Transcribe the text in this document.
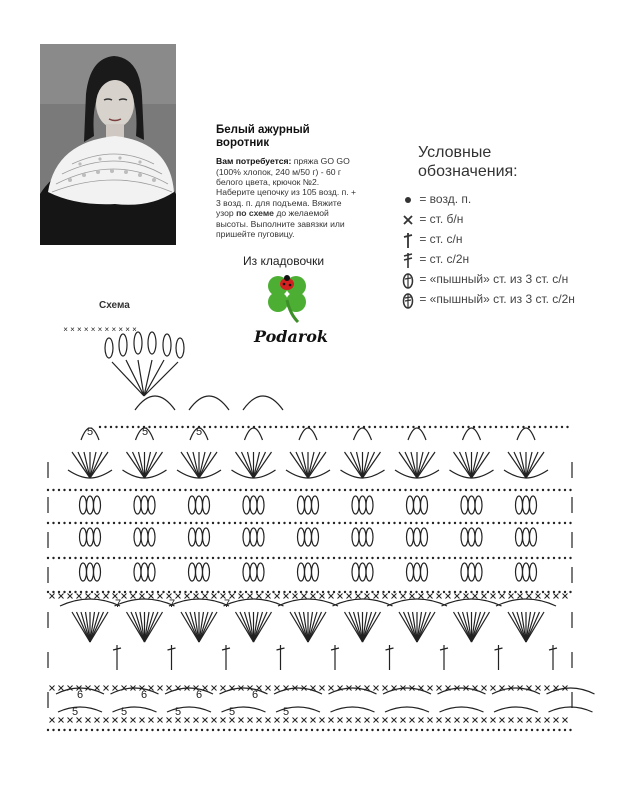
Белый ажурный воротник
Вам потребуется: пряжа GO GO (100% хлопок, 240 м/50 г) - 60 г белого цвета, крючок №2.
Наберите цепочку из 105 возд. п. + 3 возд. п. для подъема. Вяжите узор по схеме до желаемой высоты. Выполните завязки или пришейте пуговицу.
Условные обозначения:
= возд. п.
= ст. б/н
= ст. с/н
= ст. с/2н
= «пышный» ст. из 3 ст. с/н
= «пышный» ст. из 3 ст. с/2н
Из кладовочки
Podarok
Схема
× × × × × × × × × × ×
5	5	5
7	7	7
6	6	6	6
5	5	5	5	5
